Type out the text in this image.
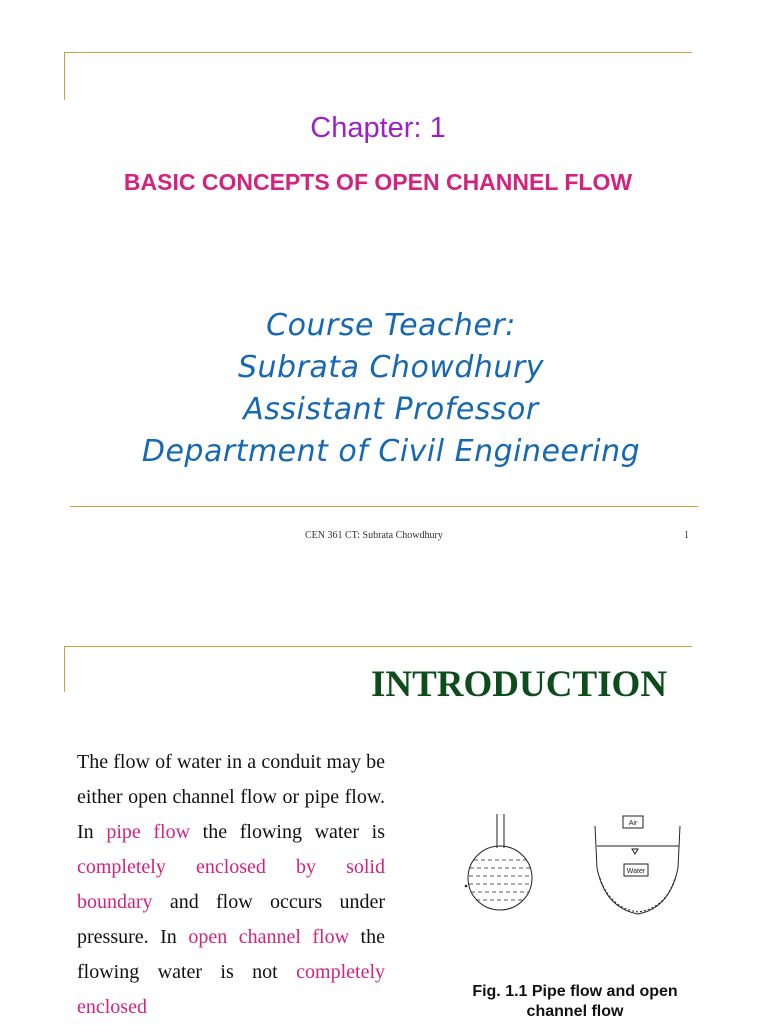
Chapter: 1
BASIC CONCEPTS OF OPEN CHANNEL FLOW
Course Teacher:
Subrata Chowdhury
Assistant Professor
Department of Civil Engineering
CEN 361 CT: Subrata Chowdhury	1
INTRODUCTION
The flow of water in a conduit may be either open channel flow or pipe flow. In pipe flow the flowing water is completely enclosed by solid boundary and flow occurs under pressure. In open channel flow the flowing water is not completely enclosed
Air
Water
Fig. 1.1 Pipe flow and open channel flow
